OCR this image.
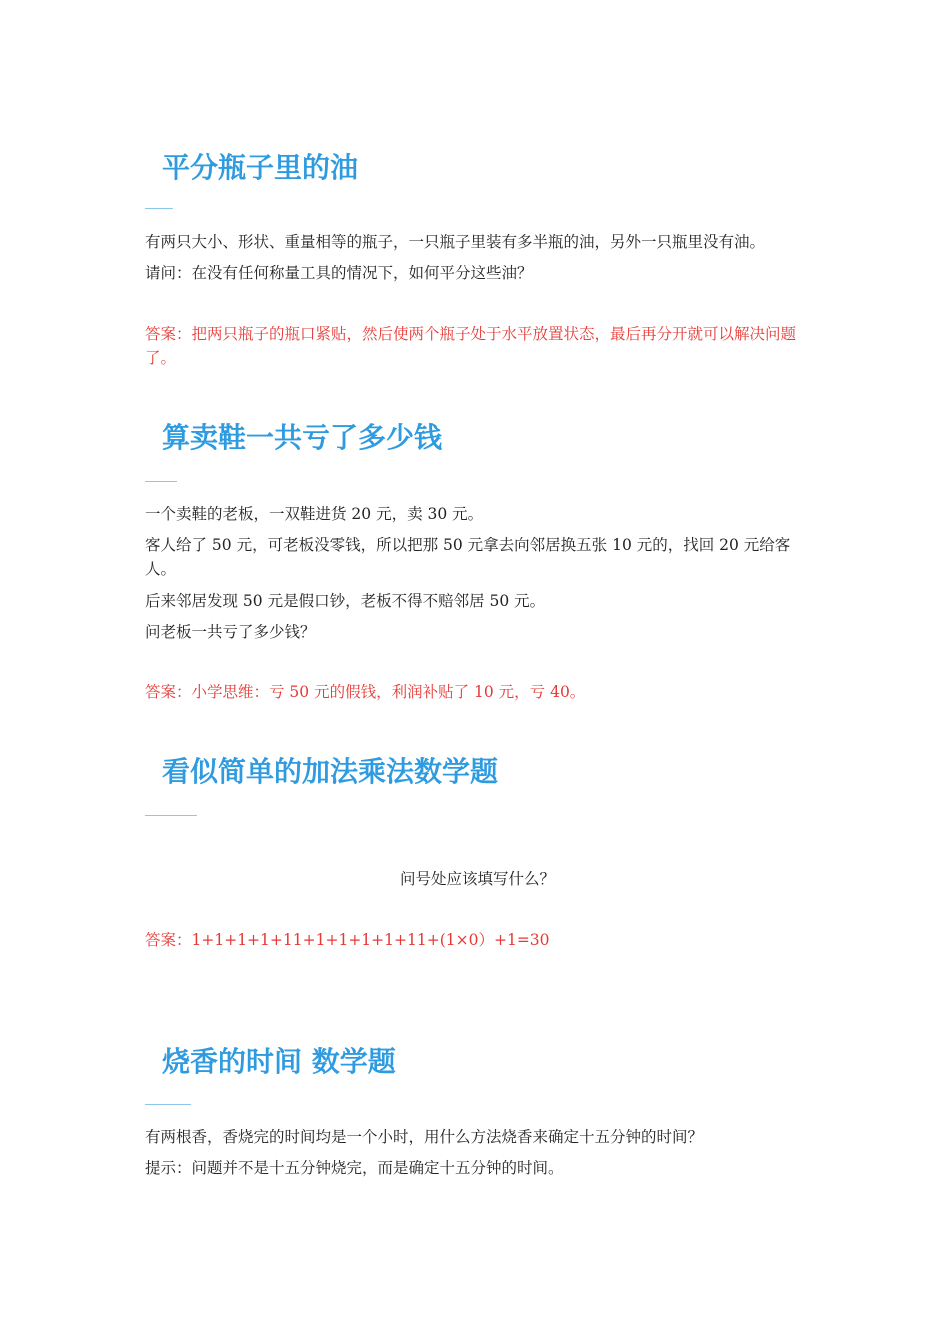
平分瓶子里的油

有两只大小、形状、重量相等的瓶子，一只瓶子里装有多半瓶的油，另外一只瓶里没有油。

请问：在没有任何称量工具的情况下，如何平分这些油？

答案：把两只瓶子的瓶口紧贴，然后使两个瓶子处于水平放置状态，最后再分开就可以解决问题了。

算卖鞋一共亏了多少钱

一个卖鞋的老板，一双鞋进货 20 元，卖 30 元。

客人给了 50 元，可老板没零钱，所以把那 50 元拿去向邻居换五张 10 元的，找回 20 元给客人。

后来邻居发现 50 元是假口钞，老板不得不赔邻居 50 元。

问老板一共亏了多少钱？

答案：小学思维：亏 50 元的假钱，利润补贴了 10 元，亏 40。

看似简单的加法乘法数学题

问号处应该填写什么？

答案：1+1+1+1+11+1+1+1+1+11+(1×0）+1=30

烧香的时间 数学题

有两根香，香烧完的时间均是一个小时，用什么方法烧香来确定十五分钟的时间？

提示：问题并不是十五分钟烧完，而是确定十五分钟的时间。
